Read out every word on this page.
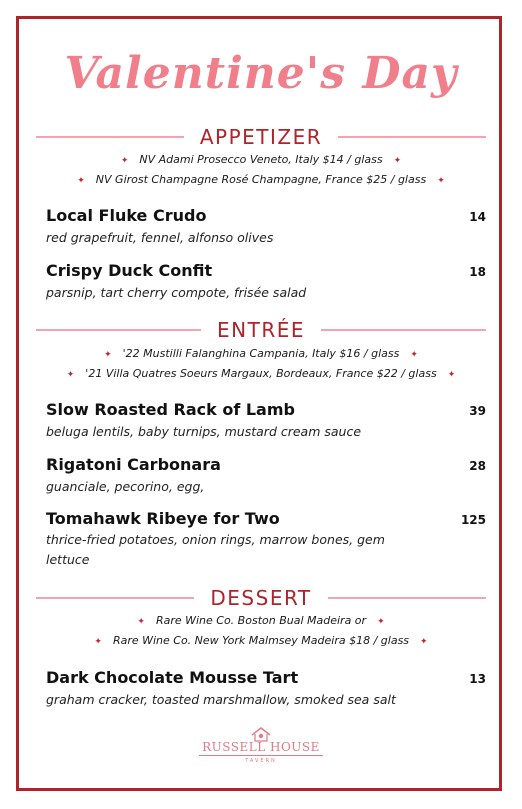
Valentine's Day
APPETIZER
✦ NV Adami Prosecco Veneto, Italy $14 / glass ✦
✦ NV Girost Champagne Rosé Champagne, France $25 / glass ✦
Local Fluke Crudo	14
red grapefruit, fennel, alfonso olives
Crispy Duck Confit	18
parsnip, tart cherry compote, frisée salad
ENTRÉE
✦ '22 Mustilli Falanghina Campania, Italy $16 / glass ✦
✦ '21 Villa Quatres Soeurs Margaux, Bordeaux, France $22 / glass ✦
Slow Roasted Rack of Lamb	39
beluga lentils, baby turnips, mustard cream sauce
Rigatoni Carbonara	28
guanciale, pecorino, egg,
Tomahawk Ribeye for Two	125
thrice-fried potatoes, onion rings, marrow bones, gem lettuce
DESSERT
✦ Rare Wine Co. Boston Bual Madeira or ✦
✦ Rare Wine Co. New York Malmsey Madeira $18 / glass ✦
Dark Chocolate Mousse Tart	13
graham cracker, toasted marshmallow, smoked sea salt
RUSSELL HOUSE
TAVERN
